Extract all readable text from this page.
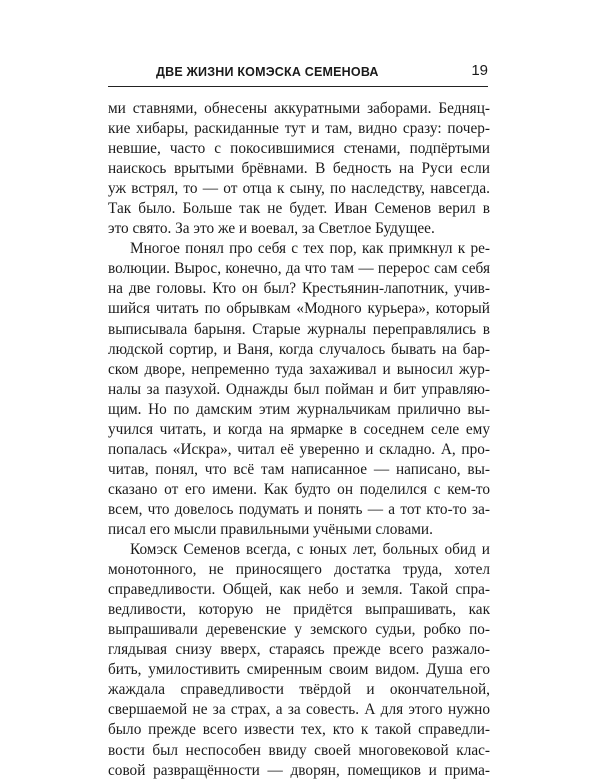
ДВЕ ЖИЗНИ КОМЭСКА СЕМЕНОВА	19
ми ставнями, обнесены аккуратными заборами. Бедняц-
кие хибары, раскиданные тут и там, видно сразу: почер-
невшие, часто с покосившимися стенами, подпёртыми
наискось врытыми брёвнами. В бедность на Руси если
уж встрял, то — от отца к сыну, по наследству, навсегда.
Так было. Больше так не будет. Иван Семенов верил в
это свято. За это же и воевал, за Светлое Будущее.
Многое понял про себя с тех пор, как примкнул к ре-
волюции. Вырос, конечно, да что там — перерос сам себя
на две головы. Кто он был? Крестьянин-лапотник, учив-
шийся читать по обрывкам «Модного курьера», который
выписывала барыня. Старые журналы переправлялись в
людской сортир, и Ваня, когда случалось бывать на бар-
ском дворе, непременно туда захаживал и выносил жур-
налы за пазухой. Однажды был пойман и бит управляю-
щим. Но по дамским этим журнальчикам прилично вы-
учился читать, и когда на ярмарке в соседнем селе ему
попалась «Искра», читал её уверенно и складно. А, про-
читав, понял, что всё там написанное — написано, вы-
сказано от его имени. Как будто он поделился с кем-то
всем, что довелось подумать и понять — а тот кто-то за-
писал его мысли правильными учёными словами.
Комэск Семенов всегда, с юных лет, больных обид и
монотонного, не приносящего достатка труда, хотел
справедливости. Общей, как небо и земля. Такой спра-
ведливости, которую не придётся выпрашивать, как
выпрашивали деревенские у земского судьи, робко по-
глядывая снизу вверх, стараясь прежде всего разжало-
бить, умилостивить смиренным своим видом. Душа его
жаждала справедливости твёрдой и окончательной,
свершаемой не за страх, а за совесть. А для этого нужно
было прежде всего извести тех, кто к такой справедли-
вости был неспособен ввиду своей многовековой клас-
совой развращённости — дворян, помещиков и прима-
